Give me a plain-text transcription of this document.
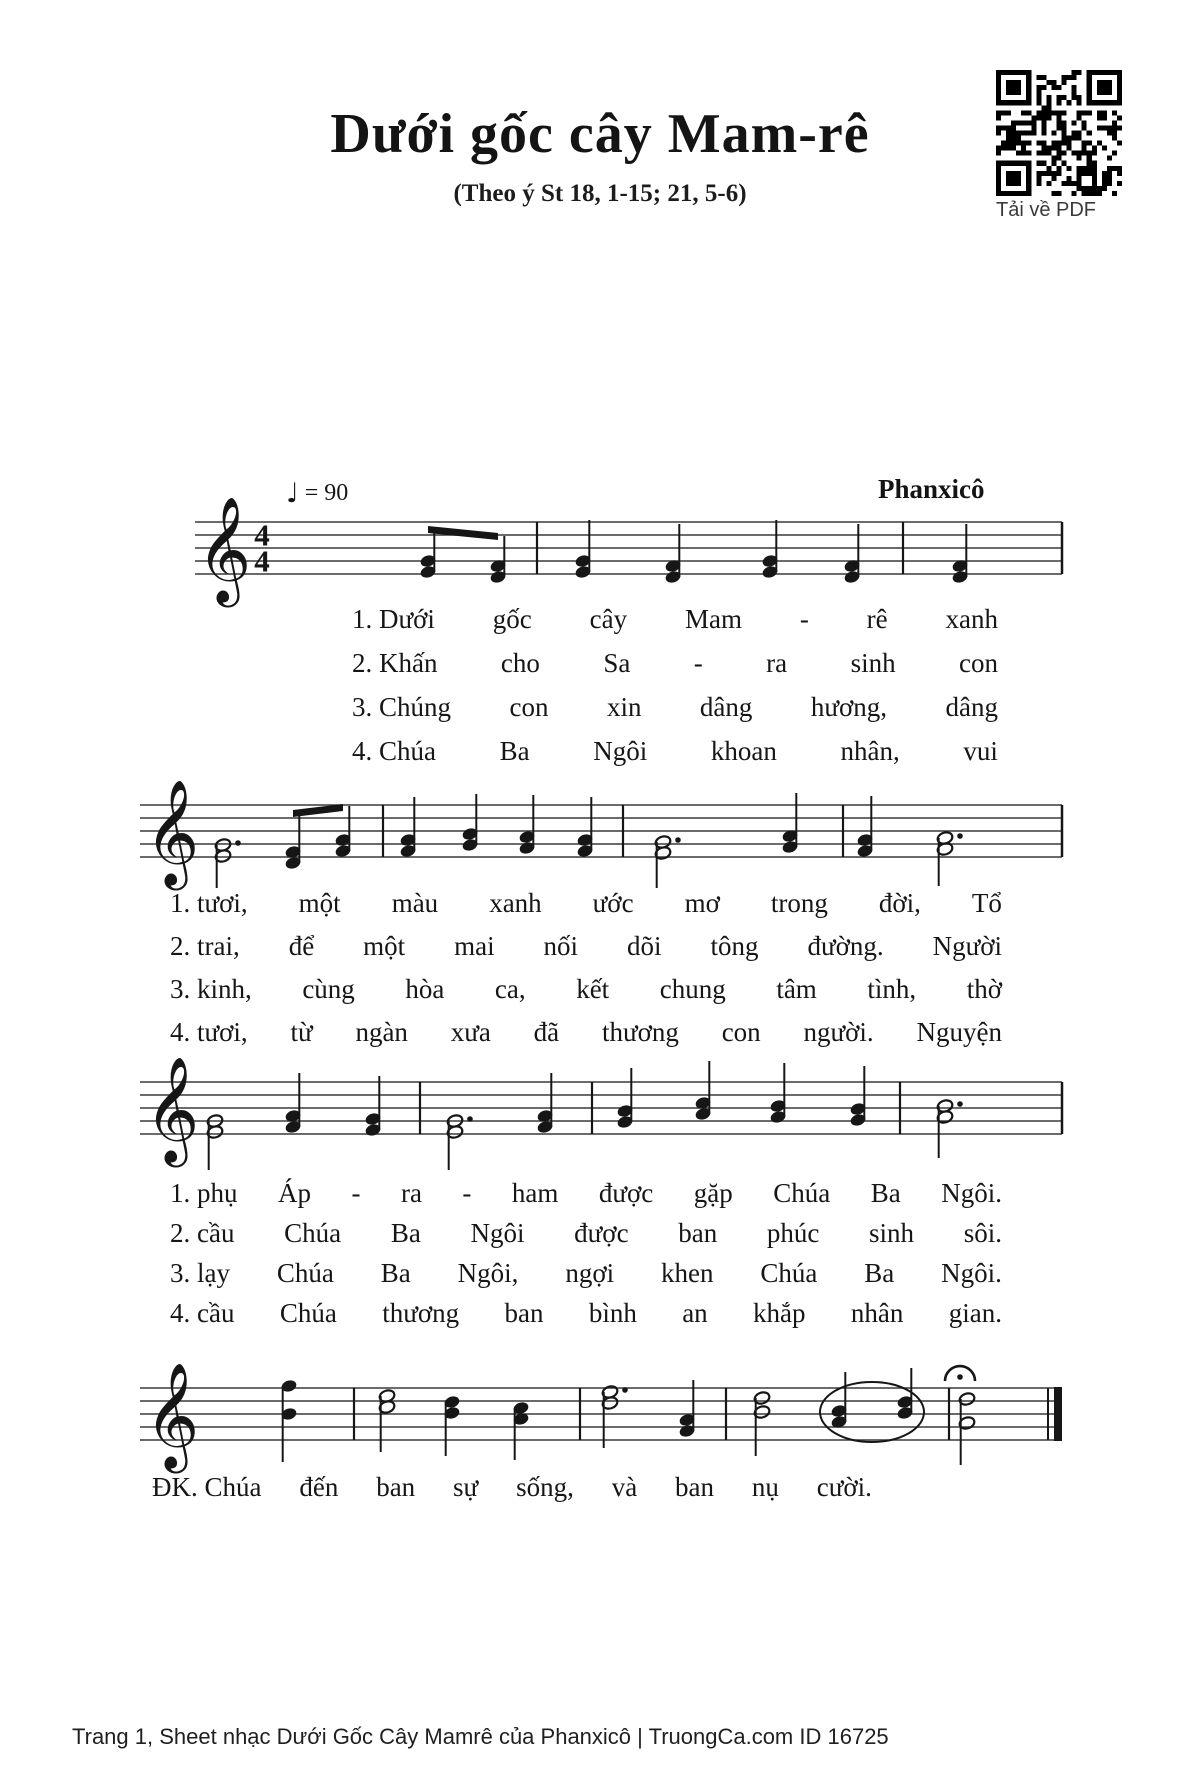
Dưới gốc cây Mam-rê
(Theo ý St 18, 1-15; 21, 5-6)
Tải về PDF
♩ = 90	Phanxicô
𝄞 4
4
𝄞
𝄞
𝄞
1. Dưới gốc cây Mam - rê xanh
2. Khấn cho Sa - ra sinh con
3. Chúng con xin dâng hương, dâng
4. Chúa Ba Ngôi khoan nhân, vui
1. tươi, một màu xanh ước mơ trong đời, Tổ
2. trai, để một mai nối dõi tông đường. Người
3. kinh, cùng hòa ca, kết chung tâm tình, thờ
4. tươi, từ ngàn xưa đã thương con người. Nguyện
1. phụ Áp - ra - ham được gặp Chúa Ba Ngôi.
2. cầu Chúa Ba Ngôi được ban phúc sinh sôi.
3. lạy Chúa Ba Ngôi, ngợi khen Chúa Ba Ngôi.
4. cầu Chúa thương ban bình an khắp nhân gian.
ĐK. Chúa đến ban sự sống, và ban nụ cười.
Trang 1, Sheet nhạc Dưới Gốc Cây Mamrê của Phanxicô | TruongCa.com ID 16725
